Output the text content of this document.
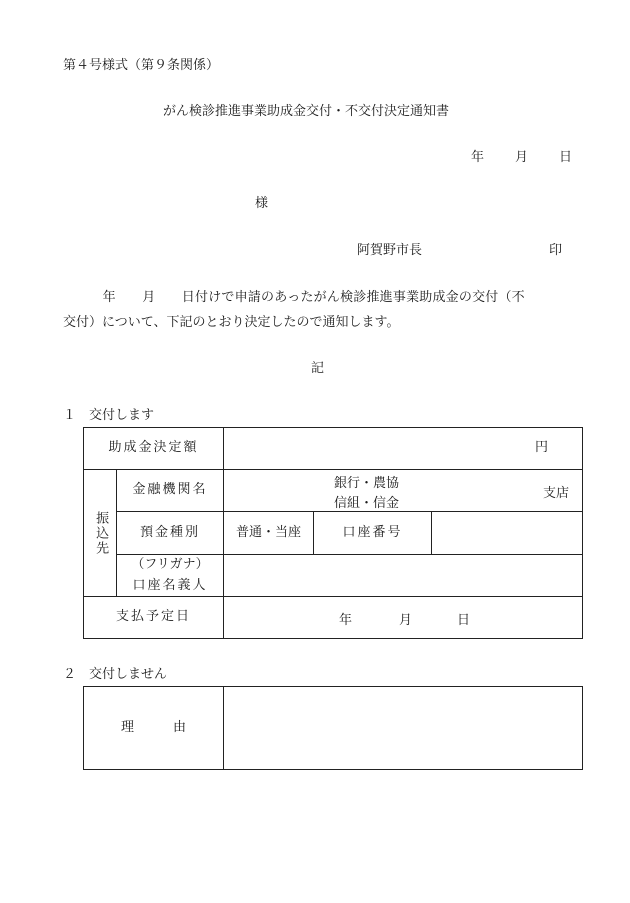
第４号様式（第９条関係）
がん検診推進事業助成金交付・不交付決定通知書
年 月 日
様
阿賀野市長	印
　　　年　　月　　日付けで申請のあったがん検診推進事業助成金の交付（不
交付）について、下記のとおり決定したので通知します。
記
１　交付します
助成金決定額	円
振込先
金融機関名	銀行・農協
信組・信金
支店
預金種別	普通・当座	口座番号
（フリガナ）
口座名義人
支払予定日	年	月	日
２　交付しません
理　　　由
